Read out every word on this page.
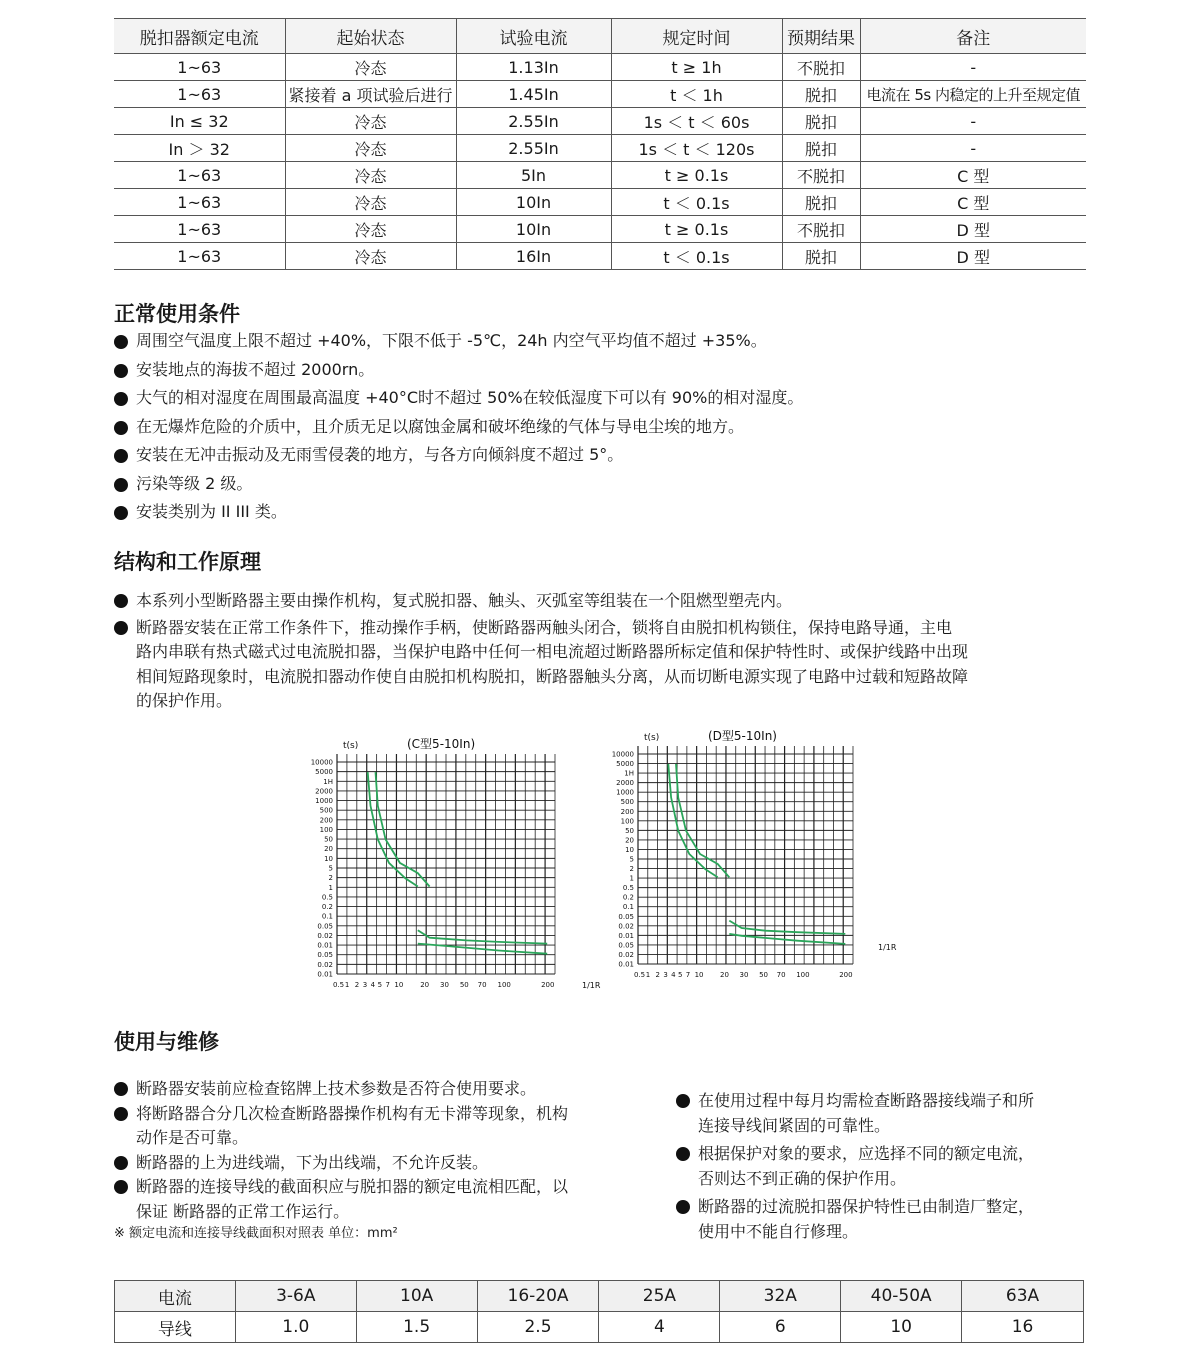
脱扣器额定电流	起始状态	试验电流	规定时间	预期结果	备注
1~63	冷态	1.13In	t ≥ 1h	不脱扣	-
1~63	紧接着 a 项试验后进行	1.45In	t ＜ 1h	脱扣	电流在 5s 内稳定的上升至规定值
In ≤ 32	冷态	2.55In	1s ＜ t ＜ 60s	脱扣	-
In ＞ 32	冷态	2.55In	1s ＜ t ＜ 120s	脱扣	-
1~63	冷态	5In	t ≥ 0.1s	不脱扣	C 型
1~63	冷态	10In	t ＜ 0.1s	脱扣	C 型
1~63	冷态	10In	t ≥ 0.1s	不脱扣	D 型
1~63	冷态	16In	t ＜ 0.1s	脱扣	D 型
正常使用条件
周围空气温度上限不超过 +40%，下限不低于 -5℃，24h 内空气平均值不超过 +35%。
安装地点的海拔不超过 2000rn。
大气的相对湿度在周围最高温度 +40°C时不超过 50%在较低湿度下可以有 90%的相对湿度。
在无爆炸危险的介质中，且介质无足以腐蚀金属和破坏绝缘的气体与导电尘埃的地方。
安装在无冲击振动及无雨雪侵袭的地方，与各方向倾斜度不超过 5°。
污染等级 2 级。
安装类别为 II III 类。
结构和工作原理
本系列小型断路器主要由操作机构，复式脱扣器、触头、灭弧室等组装在一个阻燃型塑壳内。
断路器安装在正常工作条件下，推动操作手柄，使断路器两触头闭合，锁将自由脱扣机构锁住，保持电路导通，主电
路内串联有热式磁式过电流脱扣器，当保护电路中任何一相电流超过断路器所标定值和保护特性时、或保护线路中出现
相间短路现象时，电流脱扣器动作使自由脱扣机构脱扣，断路器触头分离，从而切断电源实现了电路中过载和短路故障
的保护作用。
10000
5000
1H
2000
1000
500
200
100
50
20
10
5
2
1
0.5
0.2
0.1
0.05
0.02
0.01
0.05
0.02
0.01
0.5 1 2 3 4 5 7 10 20 30 50 70 100	200
t(s)	(C型5-10In)
1/1R
10000
5000
1H
2000
1000
500
200
100
50
20
10
5
2
1
0.5
0.2
0.1
0.05
0.02
0.01
0.05
0.02
0.01
0.5 1 2 3 4 5 7 10 20 30 50 70 100	200
t(s)	(D型5-10In)
1/1R
使用与维修
断路器安装前应检查铭牌上技术参数是否符合使用要求。
将断路器合分几次检查断路器操作机构有无卡滞等现象，机构
动作是否可靠。
断路器的上为进线端，下为出线端，不允许反装。
断路器的连接导线的截面积应与脱扣器的额定电流相匹配，以
保证 断路器的正常工作运行。
※ 额定电流和连接导线截面积对照表 单位：mm²
在使用过程中每月均需检查断路器接线端子和所
连接导线间紧固的可靠性。
根据保护对象的要求，应选择不同的额定电流，
否则达不到正确的保护作用。
断路器的过流脱扣器保护特性已由制造厂整定，
使用中不能自行修理。
电流	3-6A	10A	16-20A	25A	32A	40-50A	63A
导线	1.0	1.5	2.5	4	6	10	16
